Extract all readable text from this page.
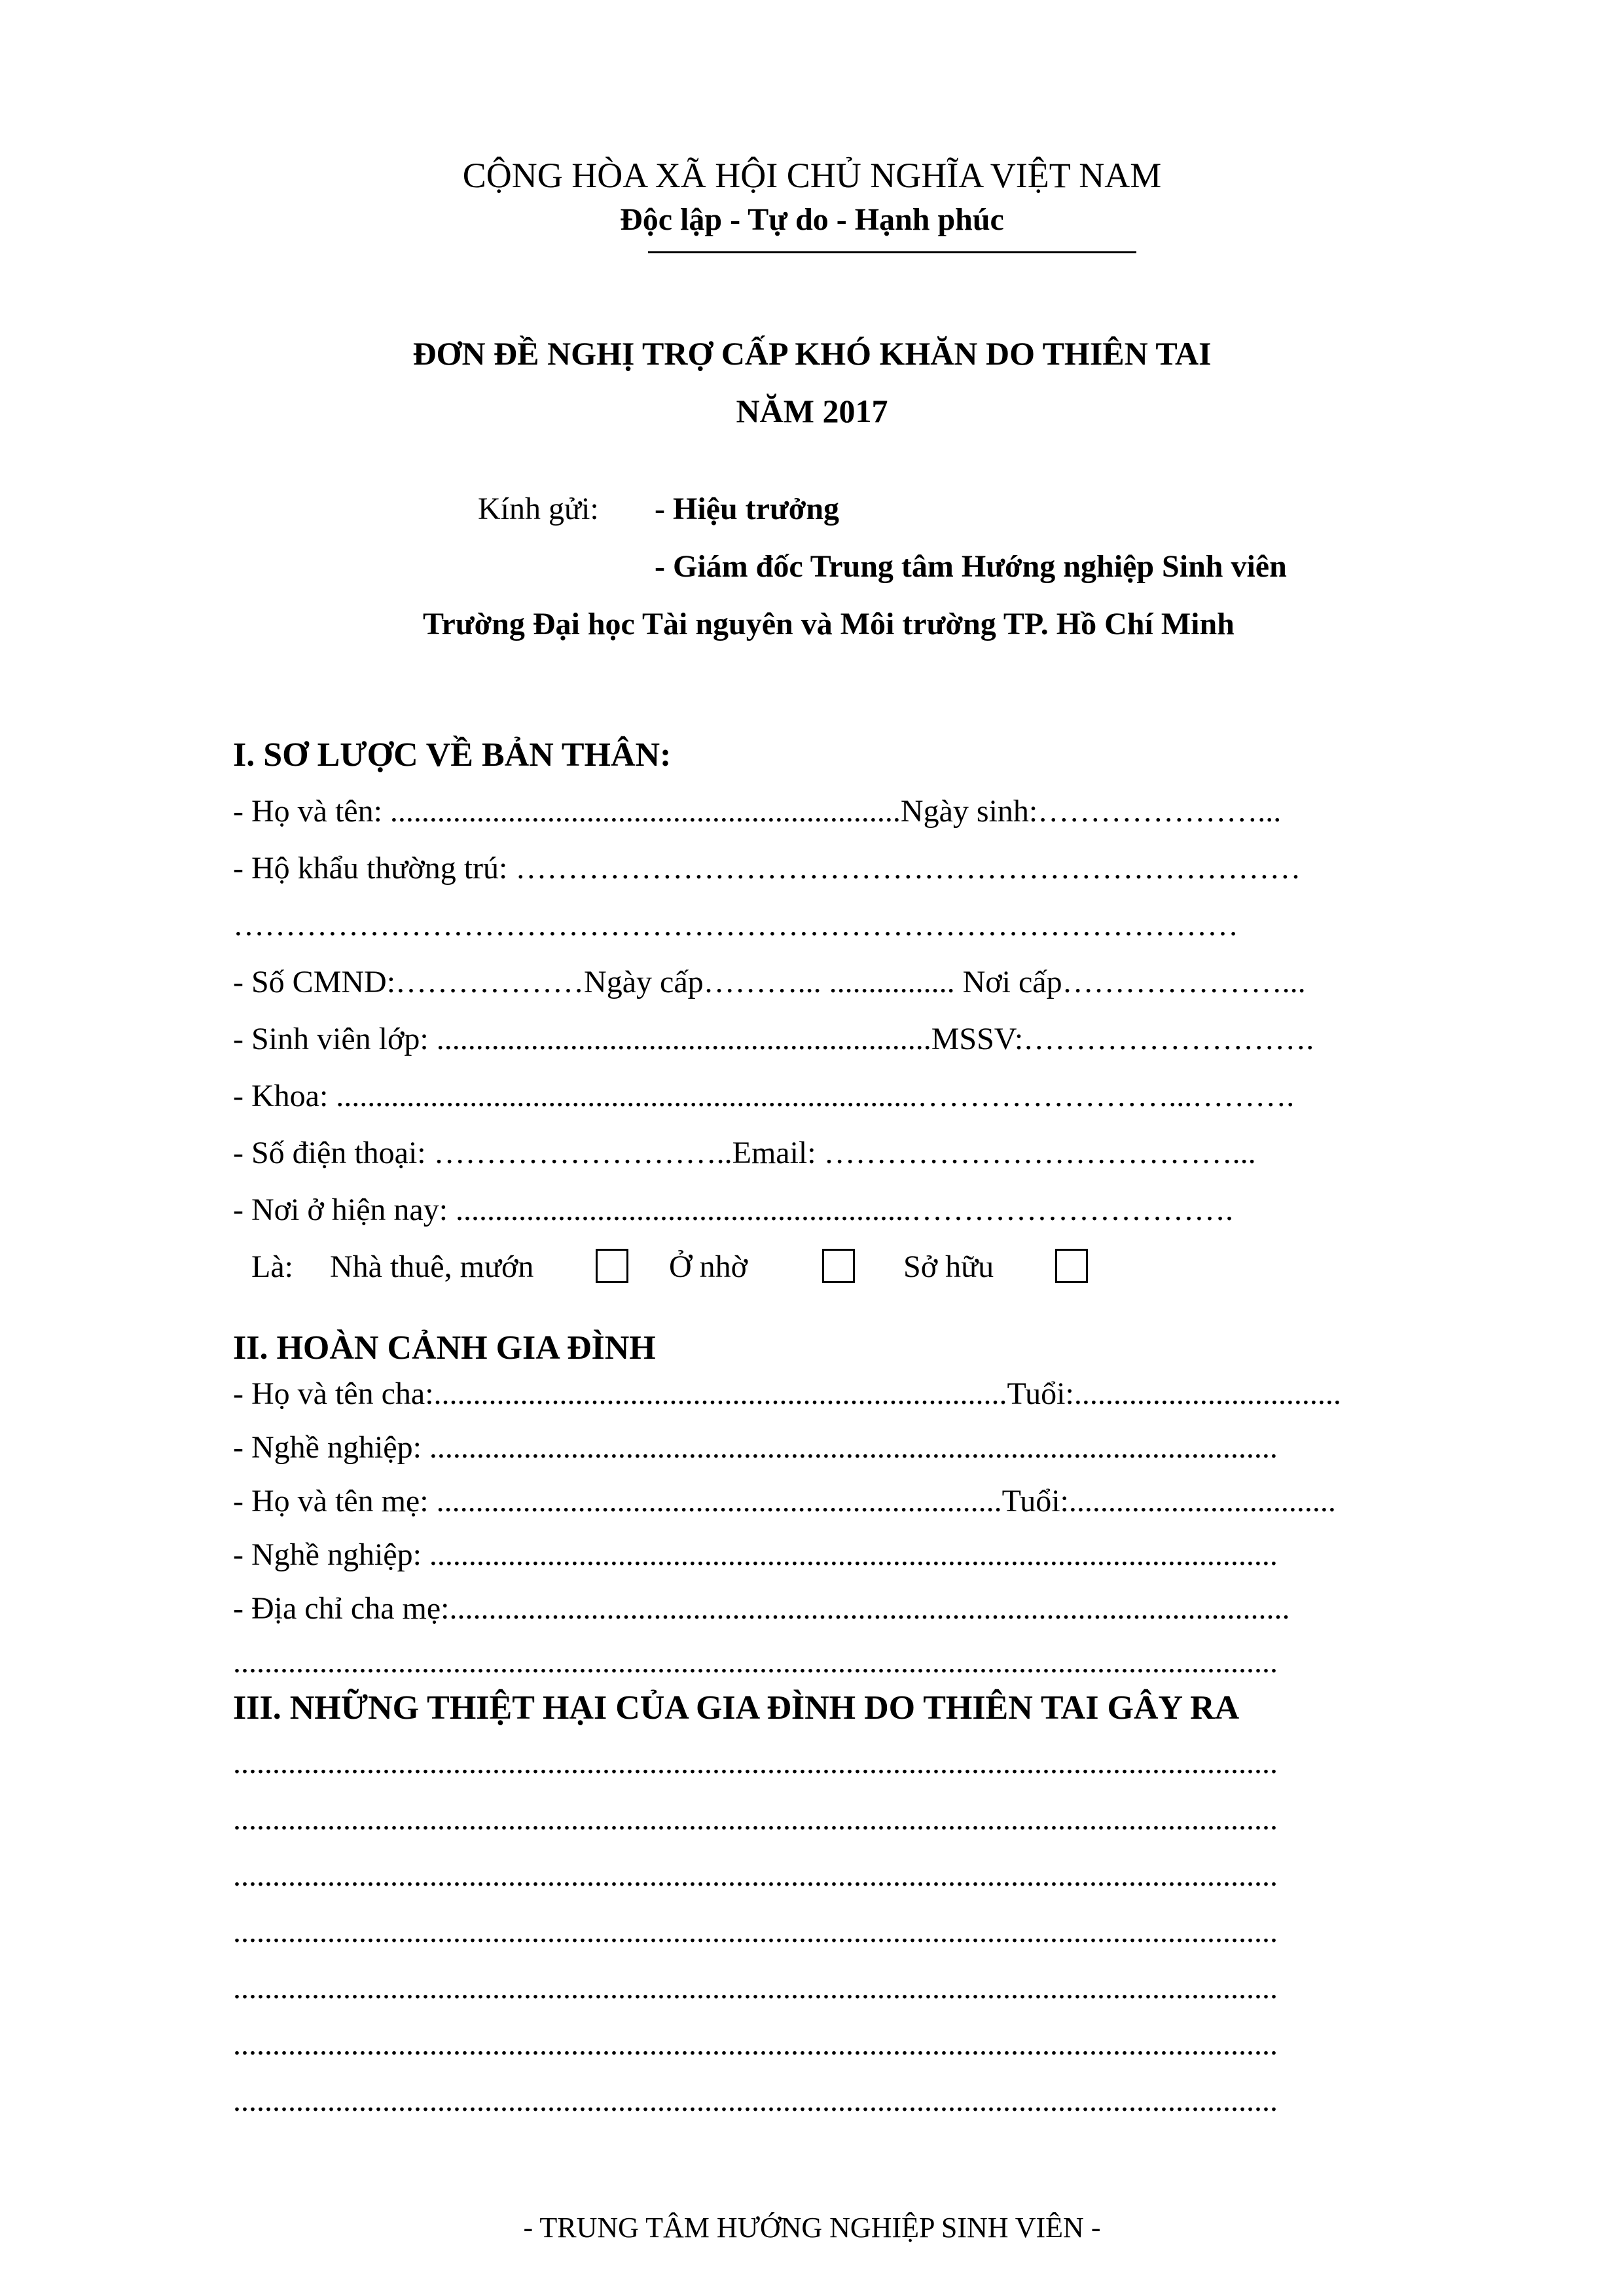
CỘNG HÒA XÃ HỘI CHỦ NGHĨA VIỆT NAM
Độc lập - Tự do - Hạnh phúc
ĐƠN ĐỀ NGHỊ TRỢ CẤP KHÓ KHĂN DO THIÊN TAI
NĂM 2017
Kính gửi: - Hiệu trưởng
- Giám đốc Trung tâm Hướng nghiệp Sinh viên
Trường Đại học Tài nguyên và Môi trường TP. Hồ Chí Minh
I. SƠ LƯỢC VỀ BẢN THÂN:
- Họ và tên: .................................................................Ngày sinh:…………………...
- Hộ khẩu thường trú: …………………………………………………………………
……………………………………………………………………………………
- Số CMND:………………Ngày cấp………... ................ Nơi cấp…………………...
- Sinh viên lớp: ...............................................................MSSV:……………………….
- Khoa: ..........................................................................……………………...……….
- Số điện thoại: ………………………..Email: …………………………………...
- Nơi ở hiện nay: ..........................................................………………………….
Là: Nhà thuê, mướn	Ở nhờ	Sở hữu
II. HOÀN CẢNH GIA ĐÌNH
- Họ và tên cha:.........................................................................Tuổi:..................................
- Nghề nghiệp: ............................................................................................................
- Họ và tên mẹ: ........................................................................Tuổi:..................................
- Nghề nghiệp: ............................................................................................................
- Địa chỉ cha mẹ:...........................................................................................................
.....................................................................................................................................
III. NHỮNG THIỆT HẠI CỦA GIA ĐÌNH DO THIÊN TAI GÂY RA
.....................................................................................................................................
.....................................................................................................................................
.....................................................................................................................................
.....................................................................................................................................
.....................................................................................................................................
.....................................................................................................................................
.....................................................................................................................................
- TRUNG TÂM HƯỚNG NGHIỆP SINH VIÊN -
